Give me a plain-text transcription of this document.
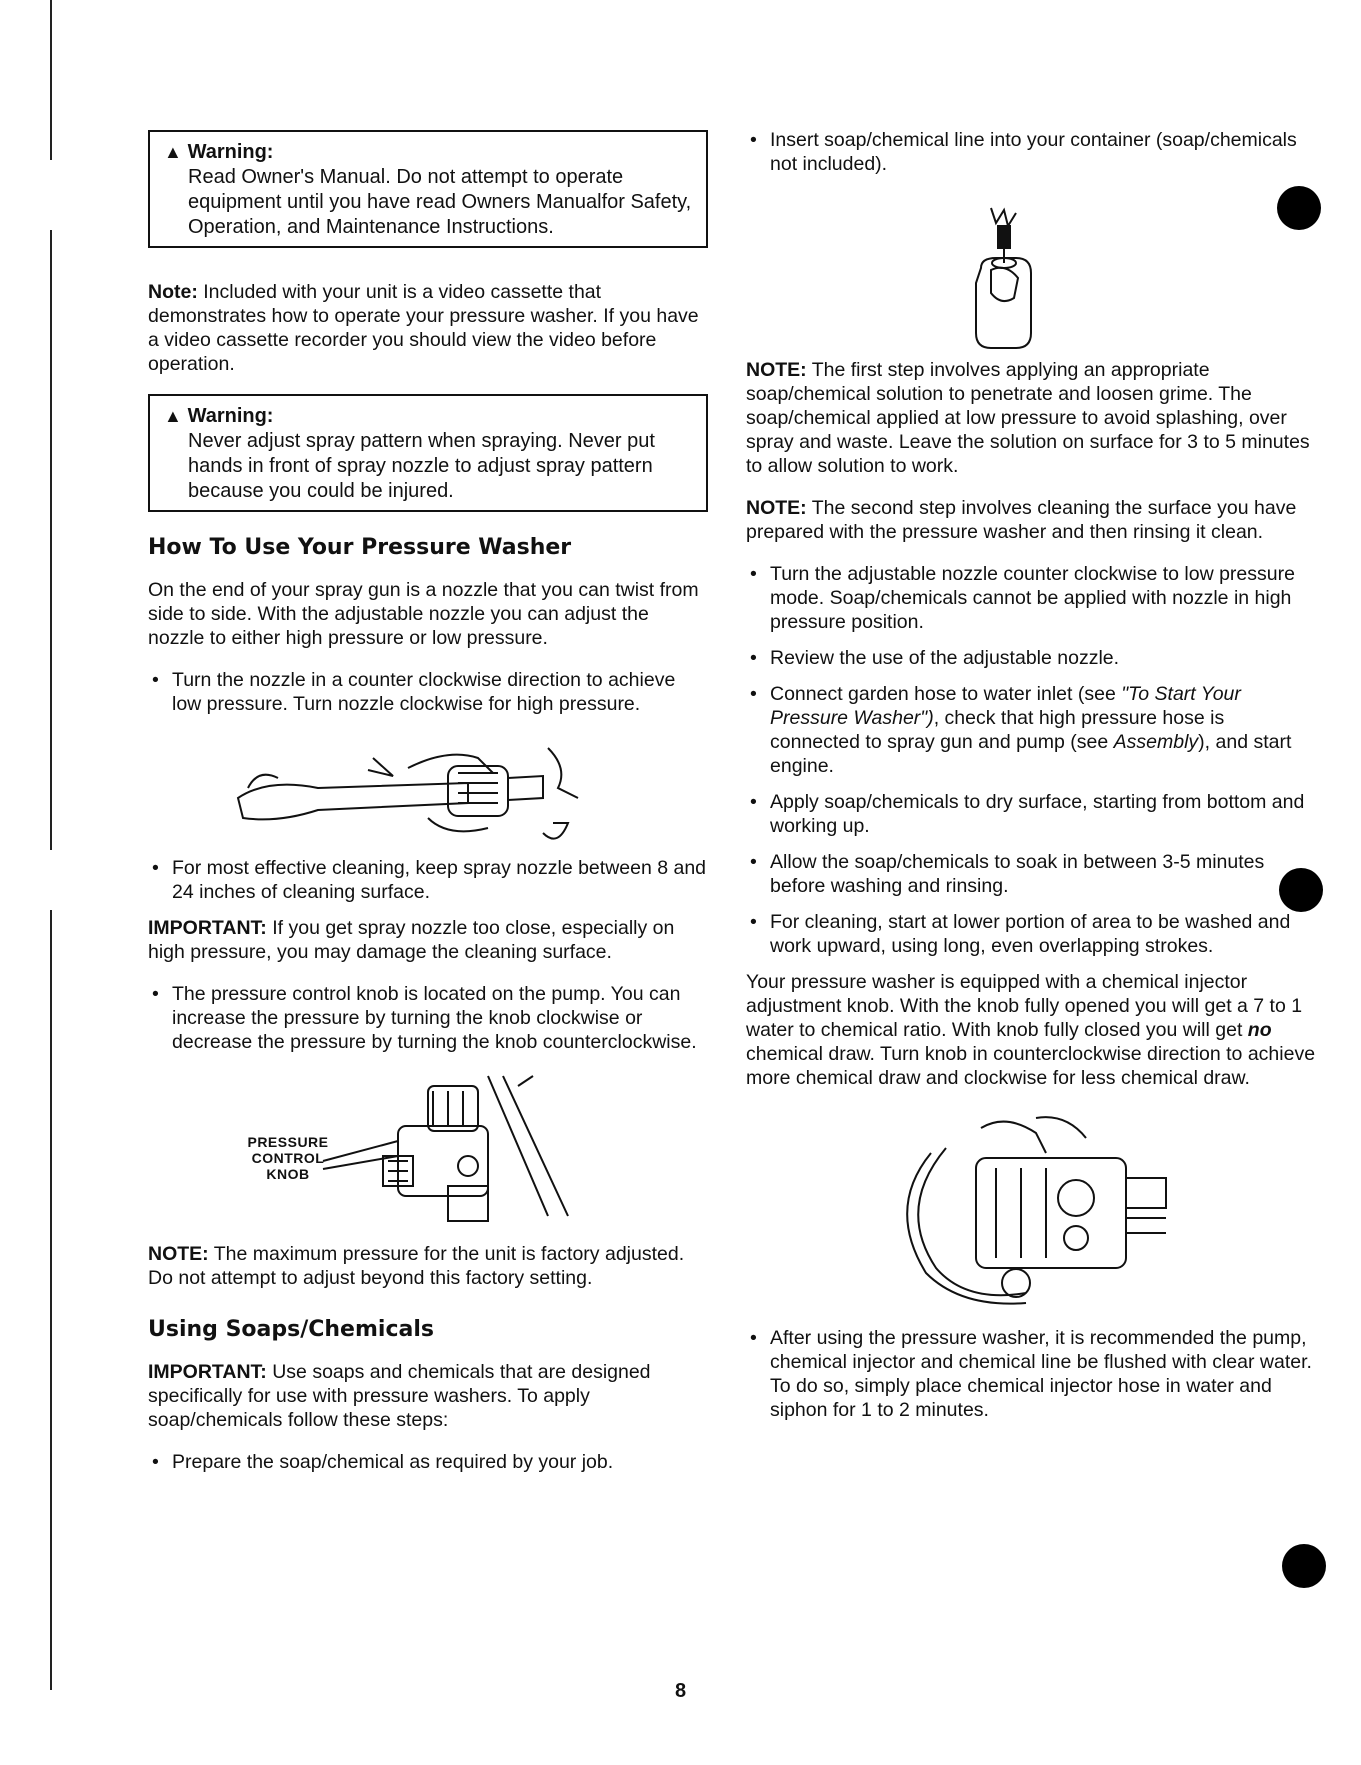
▲ Warning:
Read Owner's Manual. Do not attempt to operate equipment until you have read Owners Manualfor Safety, Operation, and Maintenance Instructions.

Note: Included with your unit is a video cassette that demonstrates how to operate your pressure washer. If you have a video cassette recorder you should view the video before operation.

▲ Warning:
Never adjust spray pattern when spraying. Never put hands in front of spray nozzle to adjust spray pattern because you could be injured.
How To Use Your Pressure Washer

On the end of your spray gun is a nozzle that you can twist from side to side. With the adjustable nozzle you can adjust the nozzle to either high pressure or low pressure.

• Turn the nozzle in a counter clockwise direction to achieve low pressure. Turn nozzle clockwise for high pressure.
• For most effective cleaning, keep spray nozzle between 8 and 24 inches of cleaning surface.

IMPORTANT: If you get spray nozzle too close, especially on high pressure, you may damage the cleaning surface.

• The pressure control knob is located on the pump. You can increase the pressure by turning the knob clockwise or decrease the pressure by turning the knob counterclockwise.
PRESSURE
CONTROL
KNOB

NOTE: The maximum pressure for the unit is factory adjusted. Do not attempt to adjust beyond this factory setting.

Using Soaps/Chemicals

IMPORTANT: Use soaps and chemicals that are designed specifically for use with pressure washers. To apply soap/chemicals follow these steps:

• Prepare the soap/chemical as required by your job.
• Insert soap/chemical line into your container (soap/chemicals not included).

NOTE: The first step involves applying an appropriate soap/chemical solution to penetrate and loosen grime. The soap/chemical applied at low pressure to avoid splashing, over spray and waste. Leave the solution on surface for 3 to 5 minutes to allow solution to work.

NOTE: The second step involves cleaning the surface you have prepared with the pressure washer and then rinsing it clean.

• Turn the adjustable nozzle counter clockwise to low pressure mode. Soap/chemicals cannot be applied with nozzle in high pressure position.
• Review the use of the adjustable nozzle.
• Connect garden hose to water inlet (see "To Start Your Pressure Washer"), check that high pressure hose is connected to spray gun and pump (see Assembly), and start engine.
• Apply soap/chemicals to dry surface, starting from bottom and working up.
• Allow the soap/chemicals to soak in between 3-5 minutes before washing and rinsing.
• For cleaning, start at lower portion of area to be washed and work upward, using long, even overlapping strokes.

Your pressure washer is equipped with a chemical injector adjustment knob. With the knob fully opened you will get a 7 to 1 water to chemical ratio. With knob fully closed you will get no chemical draw. Turn knob in counterclockwise direction to achieve more chemical draw and clockwise for less chemical draw.

• After using the pressure washer, it is recommended the pump, chemical injector and chemical line be flushed with clear water. To do so, simply place chemical injector hose in water and siphon for 1 to 2 minutes.
8
